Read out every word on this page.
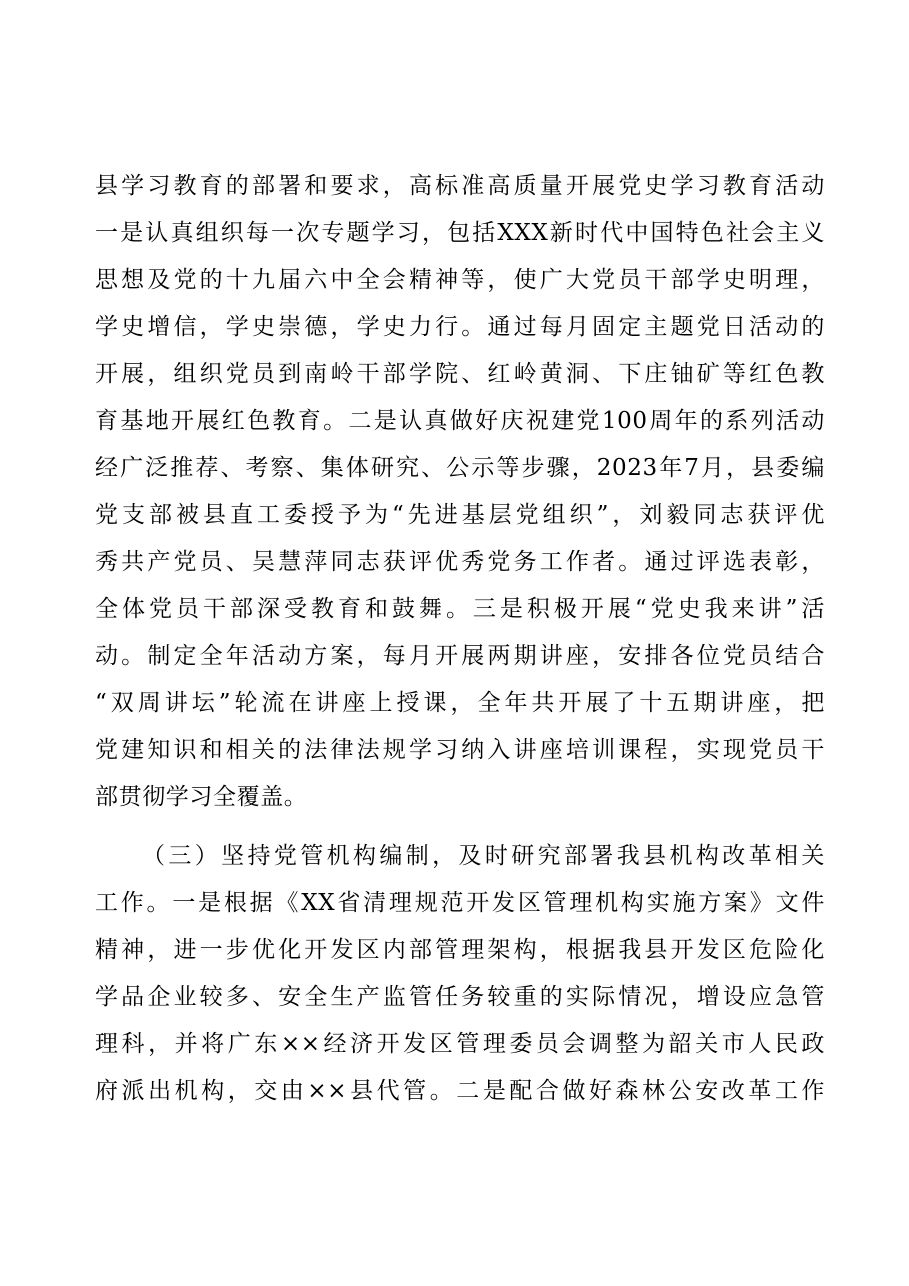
县学习教育的部署和要求，高标准高质量开展党史学习教育活动
一是认真组织每一次专题学习，包括XXX新时代中国特色社会主义
思想及党的十九届六中全会精神等，使广大党员干部学史明理，
学史增信，学史崇德，学史力行。通过每月固定主题党日活动的
开展，组织党员到南岭干部学院、红岭黄洞、下庄铀矿等红色教
育基地开展红色教育。二是认真做好庆祝建党100周年的系列活动
经广泛推荐、考察、集体研究、公示等步骤，2023年7月，县委编
党支部被县直工委授予为“先进基层党组织”，刘毅同志获评优
秀共产党员、吴慧萍同志获评优秀党务工作者。通过评选表彰，
全体党员干部深受教育和鼓舞。三是积极开展“党史我来讲”活
动。制定全年活动方案，每月开展两期讲座，安排各位党员结合
“双周讲坛”轮流在讲座上授课，全年共开展了十五期讲座，把
党建知识和相关的法律法规学习纳入讲座培训课程，实现党员干
部贯彻学习全覆盖。
（三）坚持党管机构编制，及时研究部署我县机构改革相关
工作。一是根据《XX省清理规范开发区管理机构实施方案》文件
精神，进一步优化开发区内部管理架构，根据我县开发区危险化
学品企业较多、安全生产监管任务较重的实际情况，增设应急管
理科，并将广东××经济开发区管理委员会调整为韶关市人民政
府派出机构，交由××县代管。二是配合做好森林公安改革工作
